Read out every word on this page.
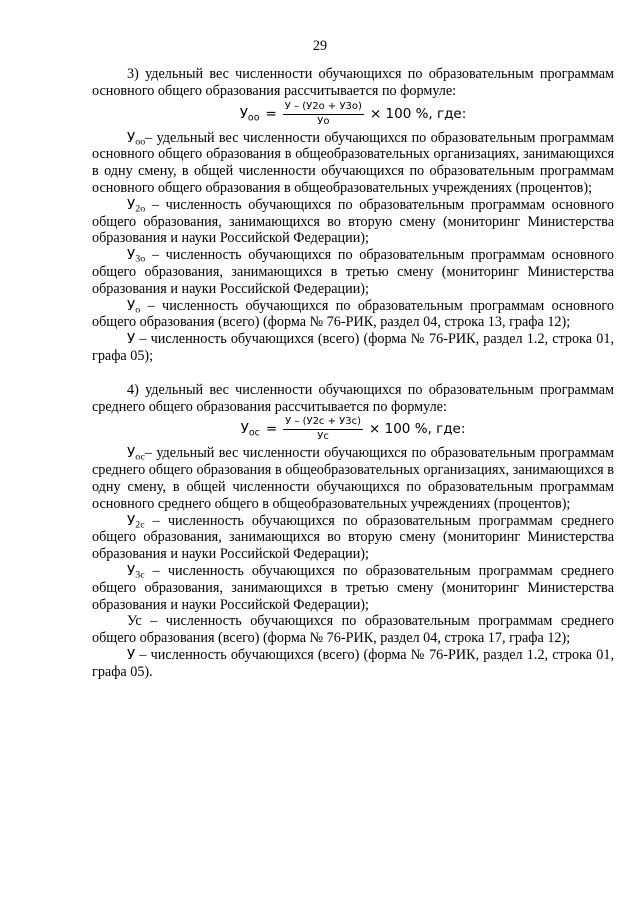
29

3) удельный вес численности обучающихся по образовательным программам основного общего образования рассчитывается по формуле:

$У_{оо} = \frac{У - (У2о + У3о)}{Уо} \times 100$ %, где:

$У_{оо}-$ удельный вес численности обучающихся по образовательным программам основного общего образования в общеобразовательных организациях, занимающихся в одну смену, в общей численности обучающихся по образовательным программам основного общего образования в общеобразовательных учреждениях (процентов);

$У_{2о}$ – численность обучающихся по образовательным программам основного общего образования, занимающихся во вторую смену (мониторинг Министерства образования и науки Российской Федерации);

$У_{3о}$ – численность обучающихся по образовательным программам основного общего образования, занимающихся в третью смену (мониторинг Министерства образования и науки Российской Федерации);

$У_о$ – численность обучающихся по образовательным программам основного общего образования (всего) (форма № 76-РИК, раздел 04, строка 13, графа 12);

У – численность обучающихся (всего) (форма № 76-РИК, раздел 1.2, строка 01, графа 05);

4) удельный вес численности обучающихся по образовательным программам среднего общего образования рассчитывается по формуле:

$У_{ос} = \frac{У - (У2с + У3с)}{Ус} \times 100$ %, где:

$У_{ос}-$ удельный вес численности обучающихся по образовательным программам среднего общего образования в общеобразовательных организациях, занимающихся в одну смену, в общей численности обучающихся по образовательным программам основного среднего общего в общеобразовательных учреждениях (процентов);

$У_{2с}$ – численность обучающихся по образовательным программам среднего общего образования, занимающихся во вторую смену (мониторинг Министерства образования и науки Российской Федерации);

$У_{3с}$ – численность обучающихся по образовательным программам среднего общего образования, занимающихся в третью смену (мониторинг Министерства образования и науки Российской Федерации);

Ус – численность обучающихся по образовательным программам среднего общего образования (всего) (форма № 76-РИК, раздел 04, строка 17, графа 12);

У – численность обучающихся (всего) (форма № 76-РИК, раздел 1.2, строка 01, графа 05).
